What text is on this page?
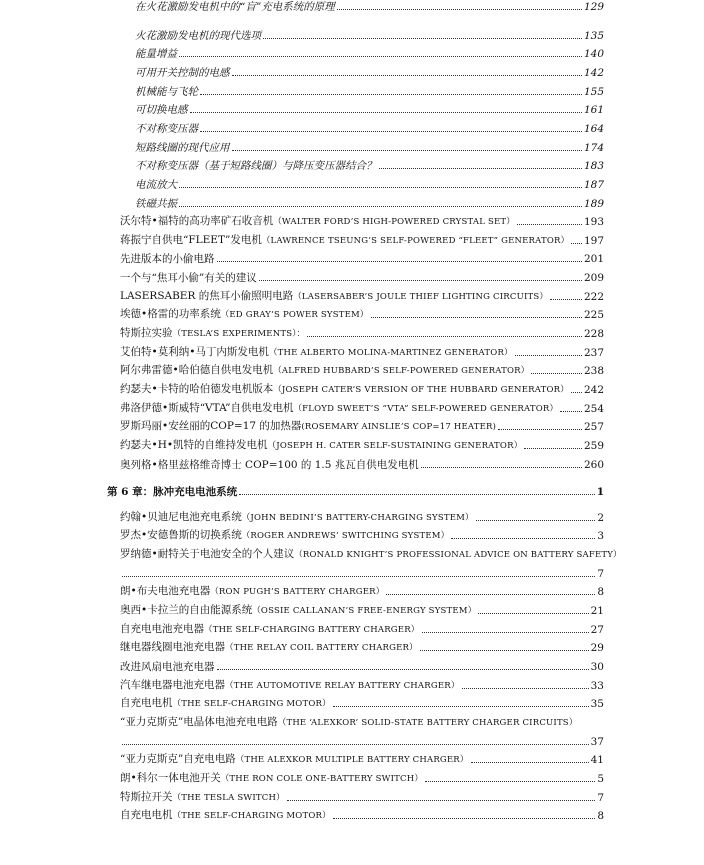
在火花激励发电机中的“盲”充电系统的原理	129
火花激励发电机的现代选项	135
能量增益	140
可用开关控制的电感	142
机械能与飞轮	155
可切换电感	161
不对称变压器	164
短路线圈的现代应用	174
不对称变压器（基于短路线圈）与降压变压器结合？	183
电流放大	187
铁磁共振	189
沃尔特•福特的高功率矿石收音机（WALTER FORD’S HIGH-POWERED CRYSTAL SET）	193
蒋振宁自供电“FLEET”发电机（LAWRENCE TSEUNG’S SELF-POWERED “FLEET” GENERATOR） 197
先进版本的小偷电路	201
一个与“焦耳小偷”有关的建议	209
LASERSABER 的焦耳小偷照明电路（LASERSABER’S JOULE THIEF LIGHTING CIRCUITS）	222
埃德•格雷的功率系统（ED GRAY’S POWER SYSTEM）	225
特斯拉实验（TESLA’S EXPERIMENTS）：	228
艾伯特•莫利纳•马丁内斯发电机（THE ALBERTO MOLINA-MARTINEZ GENERATOR）	237
阿尔弗雷德•哈伯德自供电发电机（ALFRED HUBBARD’S SELF-POWERED GENERATOR）	238
约瑟夫•卡特的哈伯德发电机版本（JOSEPH CATER’S VERSION OF THE HUBBARD GENERATOR） 242
弗洛伊德•斯威特“VTA”自供电发电机（FLOYD SWEET’S “VTA” SELF-POWERED GENERATOR） 254
罗斯玛丽•安丝丽的COP=17 的加热器(ROSEMARY AINSLIE’S COP=17 HEATER)	257
约瑟夫•H•凯特的自维持发电机（JOSEPH H. CATER SELF-SUSTAINING GENERATOR）	259
奥列格•格里兹格维奇博士 COP=100 的 1.5 兆瓦自供电发电机	260
第 6 章：脉冲充电电池系统	1
约翰•贝迪尼电池充电系统（JOHN BEDINI’S BATTERY-CHARGING SYSTEM）	2
罗杰•安德鲁斯的切换系统（ROGER ANDREWS’ SWITCHING SYSTEM）	3
罗纳德•耐特关于电池安全的个人建议（RONALD KNIGHT’S PROFESSIONAL ADVICE ON BATTERY SAFETY）
7
朗•布夫电池充电器（RON PUGH’S BATTERY CHARGER）	8
奥西•卡拉兰的自由能源系统（OSSIE CALLANAN’S FREE-ENERGY SYSTEM）	21
自充电电池充电器（THE SELF-CHARGING BATTERY CHARGER）	27
继电器线圈电池充电器（THE RELAY COIL BATTERY CHARGER）	29
改进风扇电池充电器	30
汽车继电器电池充电器（THE AUTOMOTIVE RELAY BATTERY CHARGER）	33
自充电电机（THE SELF-CHARGING MOTOR）	35
“亚力克斯克”电晶体电池充电电路（THE ‘ALEXKOR’ SOLID-STATE BATTERY CHARGER CIRCUITS）
37
“亚力克斯克”自充电电路（THE ALEXKOR MULTIPLE BATTERY CHARGER）	41
朗•科尔一体电池开关（THE RON COLE ONE-BATTERY SWITCH）	5
特斯拉开关（THE TESLA SWITCH）	7
自充电电机（THE SELF-CHARGING MOTOR）	8
